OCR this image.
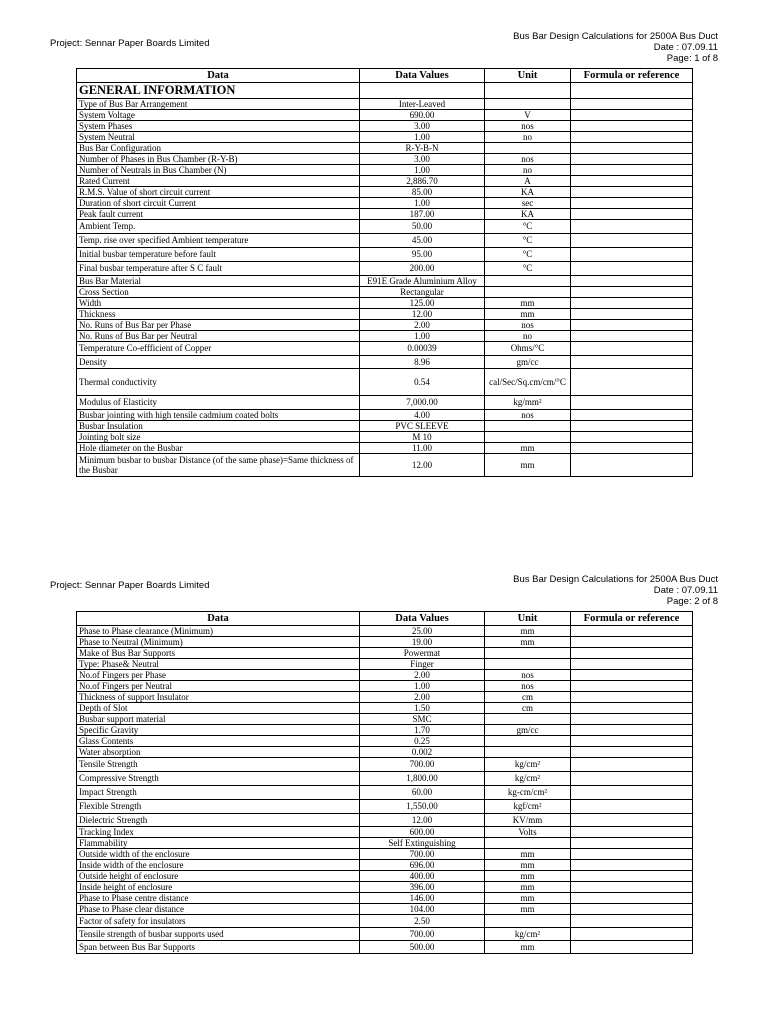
Project: Sennar Paper Boards Limited
Bus Bar Design Calculations for 2500A Bus Duct
Date : 07.09.11
Page: 1 of 8
Data	Data Values	Unit	Formula or reference
GENERAL INFORMATION			
Type of Bus Bar Arrangement	Inter-Leaved		
System Voltage	690.00	V	
System Phases	3.00	nos	
System Neutral	1.00	no	
Bus Bar Configuration	R-Y-B-N		
Number of Phases in Bus Chamber (R-Y-B)	3.00	nos	
Number of Neutrals in Bus Chamber (N)	1.00	no	
Rated Current	2,886.70	A	
R.M.S. Value of short circuit current	85.00	KA	
Duration of short circuit Current	1.00	sec	
Peak fault current	187.00	KA	
Ambient Temp.	50.00	°C	
Temp. rise over specified Ambient temperature	45.00	°C	
Initial busbar temperature before fault	95.00	°C	
Final busbar temperature after S C fault	200.00	°C	
Bus Bar Material	E91E Grade Aluminium Alloy		
Cross Section	Rectangular		
Width	125.00	mm	
Thickness	12.00	mm	
No. Runs of Bus Bar per Phase	2.00	nos	
No. Runs of Bus Bar per Neutral	1.00	no	
Temperature Co-effficient of Copper	0.00039	Ohms/°C	
Density	8.96	gm/cc	
Thermal conductivity	0.54	cal/Sec/Sq.cm/cm/°C	
Modulus of Elasticity	7,000.00	kg/mm²	
Busbar jointing with high tensile cadmium coated bolts	4.00	nos	
Busbar Insulation	PVC SLEEVE		
Jointing bolt size	M 10		
Hole diameter on the Busbar	11.00	mm	
Minimum busbar to busbar Distance (of the same phase)=Same thickness of the Busbar	12.00	mm	
Project: Sennar Paper Boards Limited
Bus Bar Design Calculations for 2500A Bus Duct
Date : 07.09.11
Page: 2 of 8
Data	Data Values	Unit	Formula or reference
Phase to Phase clearance (Minimum)	25.00	mm	
Phase to Neutral (Minimum)	19.00	mm	
Make of Bus Bar Supports	Powermat		
Type: Phase& Neutral	Finger		
No.of Fingers per Phase	2.00	nos	
No.of Fingers per Neutral	1.00	nos	
Thickness of support Insulator	2.00	cm	
Depth of Slot	1.50	cm	
Busbar support material	SMC		
Specific Gravity	1.70	gm/cc	
Glass Contents	0.25		
Water absorption	0.002		
Tensile Strength	700.00	kg/cm²	
Compressive Strength	1,800.00	kg/cm²	
Impact Strength	60.00	kg-cm/cm²	
Flexible Strength	1,550.00	kgf/cm²	
Dielectric Strength	12.00	KV/mm	
Tracking Index	600.00	Volts	
Flammability	Self Extinguishing		
Outside width of the enclosure	700.00	mm	
Inside width of the enclosure	696.00	mm	
Outside height of enclosure	400.00	mm	
Inside height of enclosure	396.00	mm	
Phase to Phase centre distance	146.00	mm	
Phase to Phase clear distance	104.00	mm	
Factor of safety for insulators	2.50		
Tensile strength of busbar supports used	700.00	kg/cm²	
Span between Bus Bar Supports	500.00	mm	
